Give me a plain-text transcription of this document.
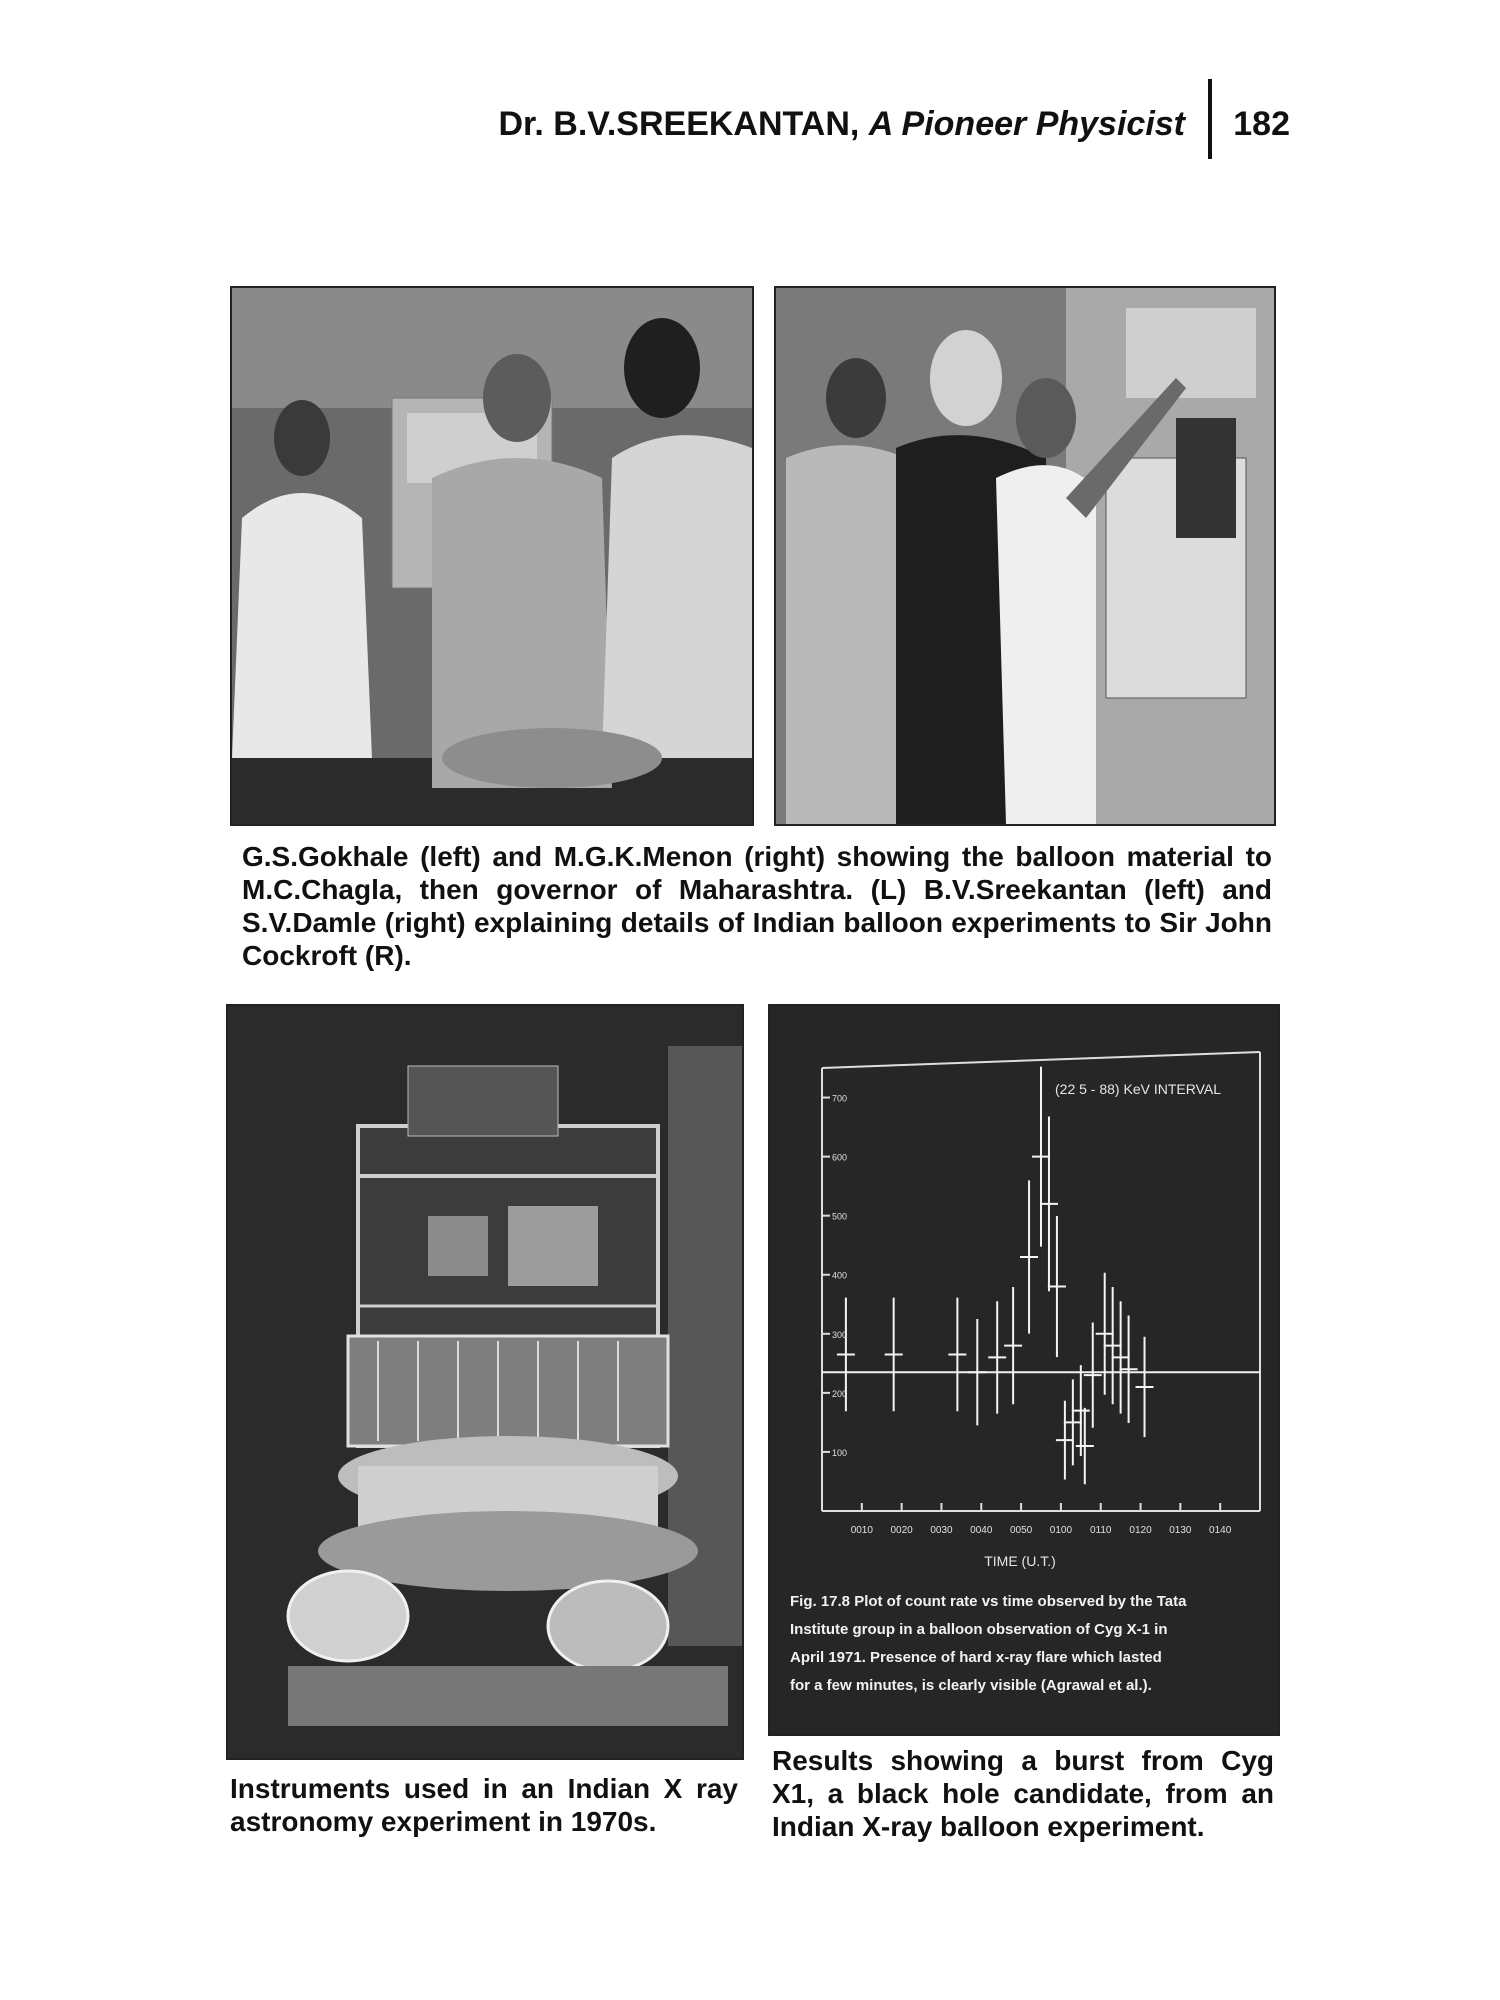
Dr. B.V.SREEKANTAN, A Pioneer Physicist 182
G.S.Gokhale (left) and M.G.K.Menon (right) showing the balloon material to M.C.Chagla, then governor of Maharashtra. (L) B.V.Sreekantan (left) and S.V.Damle (right) explaining details of Indian balloon experiments to Sir John Cockroft (R).
(22 5 - 88) KeV INTERVAL
TIME (U.T.)
100
200
300
400
500
600
700
0010 0020 0030 0040 0050 0100 0110 0120 0130 0140
Fig. 17.8 Plot of count rate vs time observed by the Tata
Institute group in a balloon observation of Cyg X-1 in
April 1971. Presence of hard x-ray flare which lasted
for a few minutes, is clearly visible (Agrawal et al.).
Instruments used in an Indian X ray astronomy experiment in 1970s.
Results showing a burst from Cyg X1, a black hole candidate, from an Indian X-ray balloon experiment.
